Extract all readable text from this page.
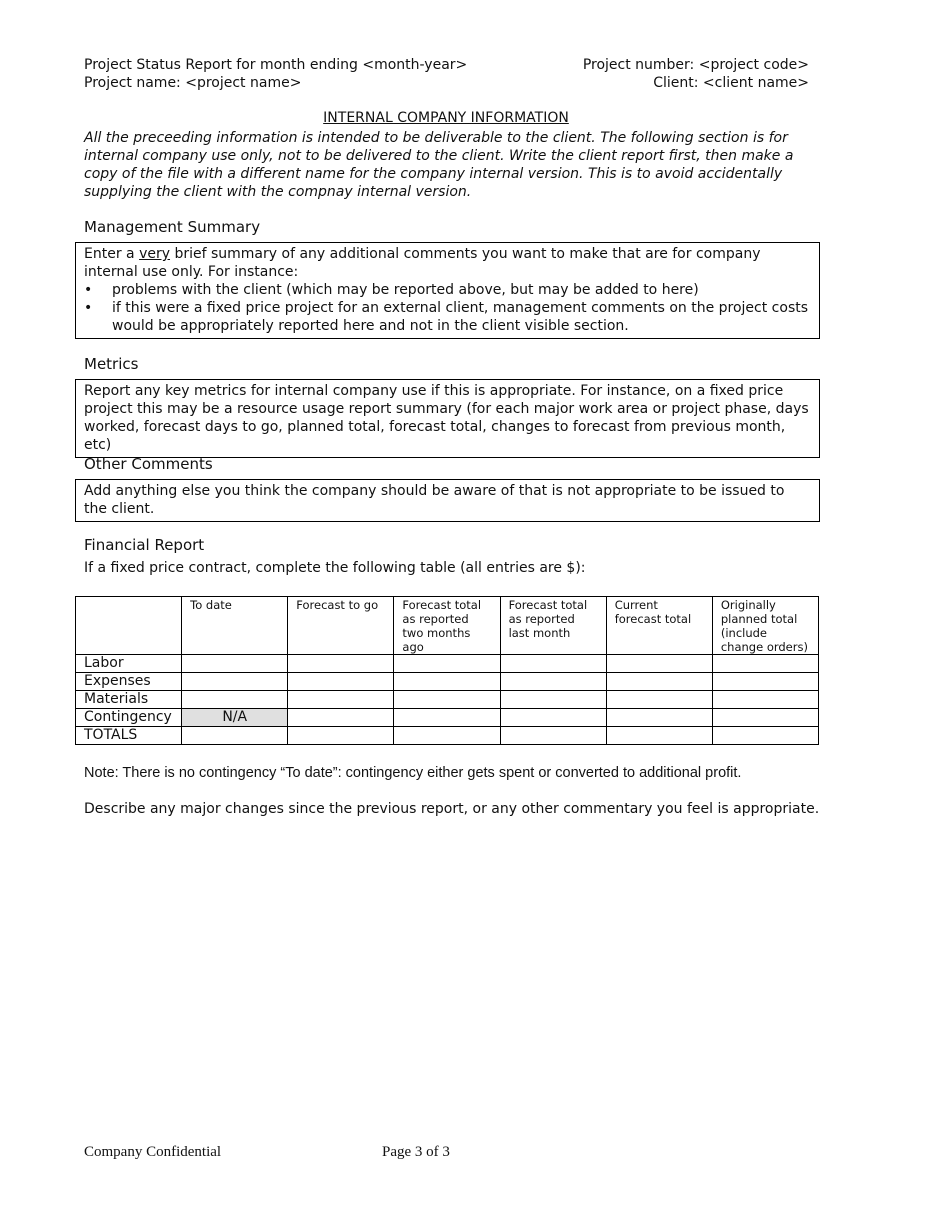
Project Status Report for month ending <month-year>
Project name: <project name>
Project number: <project code>
Client: <client name>
INTERNAL COMPANY INFORMATION
All the preceeding information is intended to be deliverable to the client. The following section is for internal company use only, not to be delivered to the client. Write the client report first, then make a copy of the file with a different name for the company internal version. This is to avoid accidentally supplying the client with the compnay internal version.
Management Summary
Enter a very brief summary of any additional comments you want to make that are for company internal use only. For instance:
•	problems with the client (which may be reported above, but may be added to here)
•	if this were a fixed price project for an external client, management comments on the project costs would be appropriately reported here and not in the client visible section.
Metrics
Report any key metrics for internal company use if this is appropriate. For instance, on a fixed price project this may be a resource usage report summary (for each major work area or project phase, days worked, forecast days to go, planned total, forecast total, changes to forecast from previous month, etc)
Other Comments
Add anything else you think the company should be aware of that is not appropriate to be issued to the client.
Financial Report
If a fixed price contract, complete the following table (all entries are $):
	To date	Forecast to go	Forecast total as reported two months ago	Forecast total as reported last month	Current forecast total	Originally planned total (include change orders)
Labor						
Expenses						
Materials						
Contingency	N/A					
TOTALS						
Note: There is no contingency “To date”: contingency either gets spent or converted to additional profit.
Describe any major changes since the previous report, or any other commentary you feel is appropriate.
Company Confidential	Page 3 of 3
